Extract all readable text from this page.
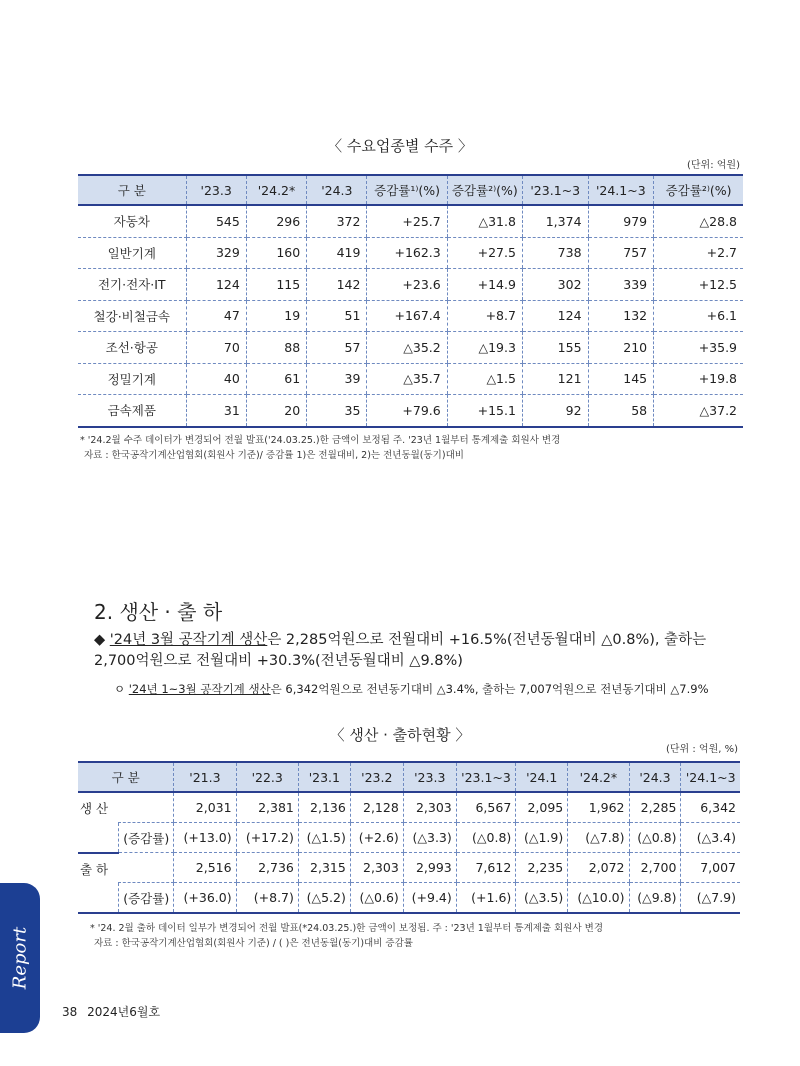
〈 수요업종별 수주 〉
(단위: 억원)
구 분	'23.3	'24.2*	'24.3	증감률¹⁾(%)	증감률²⁾(%)	'23.1~3	'24.1~3	증감률²⁾(%)
자동차	545	296	372	+25.7	△31.8	1,374	979	△28.8
일반기계	329	160	419	+162.3	+27.5	738	757	+2.7
전기·전자·IT	124	115	142	+23.6	+14.9	302	339	+12.5
철강·비철금속	47	19	51	+167.4	+8.7	124	132	+6.1
조선·항공	70	88	57	△35.2	△19.3	155	210	+35.9
정밀기계	40	61	39	△35.7	△1.5	121	145	+19.8
금속제품	31	20	35	+79.6	+15.1	92	58	△37.2
* '24.2월 수주 데이터가 변경되어 전월 발표('24.03.25.)한 금액이 보정됨 주. '23년 1월부터 통계제출 회원사 변경
자료 : 한국공작기계산업협회(회원사 기준)/ 증감률 1)은 전월대비, 2)는 전년동월(동기)대비
2. 생산 · 출 하
◆ '24년 3월 공작기계 생산은 2,285억원으로 전월대비 +16.5%(전년동월대비 △0.8%), 출하는 2,700억원으로 전월대비 +30.3%(전년동월대비 △9.8%)
ㅇ '24년 1~3월 공작기계 생산은 6,342억원으로 전년동기대비 △3.4%, 출하는 7,007억원으로 전년동기대비 △7.9%
〈 생산 · 출하현황 〉
(단위 : 억원, %)
구 분		'21.3	'22.3	'23.1	'23.2	'23.3	'23.1~3	'24.1	'24.2*	'24.3	'24.1~3
생 산		2,031	2,381	2,136	2,128	2,303	6,567	2,095	1,962	2,285	6,342
	(증감률)	(+13.0)	(+17.2)	(△1.5)	(+2.6)	(△3.3)	(△0.8)	(△1.9)	(△7.8)	(△0.8)	(△3.4)
출 하		2,516	2,736	2,315	2,303	2,993	7,612	2,235	2,072	2,700	7,007
	(증감률)	(+36.0)	(+8.7)	(△5.2)	(△0.6)	(+9.4)	(+1.6)	(△3.5)	(△10.0)	(△9.8)	(△7.9)
* '24. 2월 출하 데이터 일부가 변경되어 전월 발표(*24.03.25.)한 금액이 보정됨. 주 : '23년 1월부터 통계제출 회원사 변경
자료 : 한국공작기계산업협회(회원사 기준) / ( )은 전년동월(동기)대비 증감률
Report
38 2024년6월호
